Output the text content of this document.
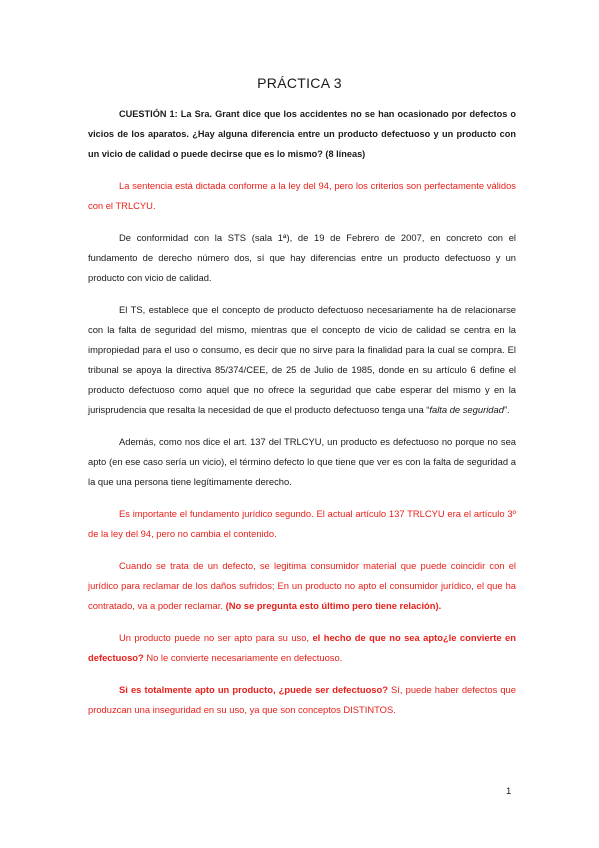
PRÁCTICA 3

CUESTIÓN 1: La Sra. Grant dice que los accidentes no se han ocasionado por defectos o vicios de los aparatos. ¿Hay alguna diferencia entre un producto defectuoso y un producto con un vicio de calidad o puede decirse que es lo mismo? (8 líneas)

La sentencia está dictada conforme a la ley del 94, pero los criterios son perfectamente válidos con el TRLCYU.

De conformidad con la STS (sala 1ª), de 19 de Febrero de 2007, en concreto con el fundamento de derecho número dos, sí que hay diferencias entre un producto defectuoso y un producto con vicio de calidad.

El TS, establece que el concepto de producto defectuoso necesariamente ha de relacionarse con la falta de seguridad del mismo, mientras que el concepto de vicio de calidad se centra en la impropiedad para el uso o consumo, es decir que no sirve para la finalidad para la cual se compra. El tribunal se apoya la directiva 85/374/CEE, de 25 de Julio de 1985, donde en su artículo 6 define el producto defectuoso como aquel que no ofrece la seguridad que cabe esperar del mismo y en la jurisprudencia que resalta la necesidad de que el producto defectuoso tenga una “falta de seguridad”.

Además, como nos dice el art. 137 del TRLCYU, un producto es defectuoso no porque no sea apto (en ese caso sería un vicio), el término defecto lo que tiene que ver es con la falta de seguridad a la que una persona tiene legítimamente derecho.

Es importante el fundamento jurídico segundo. El actual artículo 137 TRLCYU era el artículo 3º de la ley del 94, pero no cambia el contenido.

Cuando se trata de un defecto, se legitima consumidor material que puede coincidir con el jurídico para reclamar de los daños sufridos; En un producto no apto el consumidor jurídico, el que ha contratado, va a poder reclamar. (No se pregunta esto último pero tiene relación).

Un producto puede no ser apto para su uso, el hecho de que no sea apto¿le convierte en defectuoso? No le convierte necesariamente en defectuoso.

Si es totalmente apto un producto, ¿puede ser defectuoso? Sí, puede haber defectos que produzcan una inseguridad en su uso, ya que son conceptos DISTINTOS.

1
